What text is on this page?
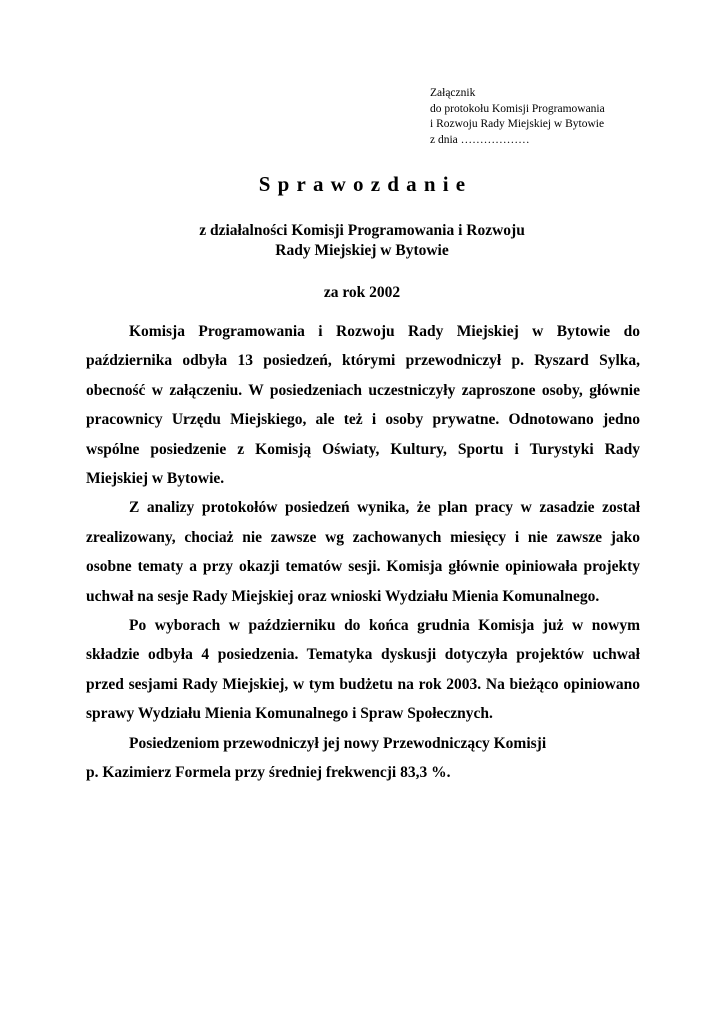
Załącznik
do protokołu Komisji Programowania
i Rozwoju Rady Miejskiej w Bytowie
z dnia ………………
Sprawozdanie
z działalności Komisji Programowania i Rozwoju
Rady Miejskiej w Bytowie
za rok 2002

Komisja Programowania i Rozwoju Rady Miejskiej w Bytowie do października odbyła 13 posiedzeń, którymi przewodniczył p. Ryszard Sylka, obecność w załączeniu. W posiedzeniach uczestniczyły zaproszone osoby, głównie pracownicy Urzędu Miejskiego, ale też i osoby prywatne. Odnotowano jedno wspólne posiedzenie z Komisją Oświaty, Kultury, Sportu i Turystyki Rady Miejskiej w Bytowie.

Z analizy protokołów posiedzeń wynika, że plan pracy w zasadzie został zrealizowany, chociaż nie zawsze wg zachowanych miesięcy i nie zawsze jako osobne tematy a przy okazji tematów sesji. Komisja głównie opiniowała projekty uchwał na sesje Rady Miejskiej oraz wnioski Wydziału Mienia Komunalnego.

Po wyborach w październiku do końca grudnia Komisja już w nowym składzie odbyła 4 posiedzenia. Tematyka dyskusji dotyczyła projektów uchwał przed sesjami Rady Miejskiej, w tym budżetu na rok 2003. Na bieżąco opiniowano sprawy Wydziału Mienia Komunalnego i Spraw Społecznych.

Posiedzeniom przewodniczył jej nowy Przewodniczący Komisji
p. Kazimierz Formela przy średniej frekwencji 83,3 %.
